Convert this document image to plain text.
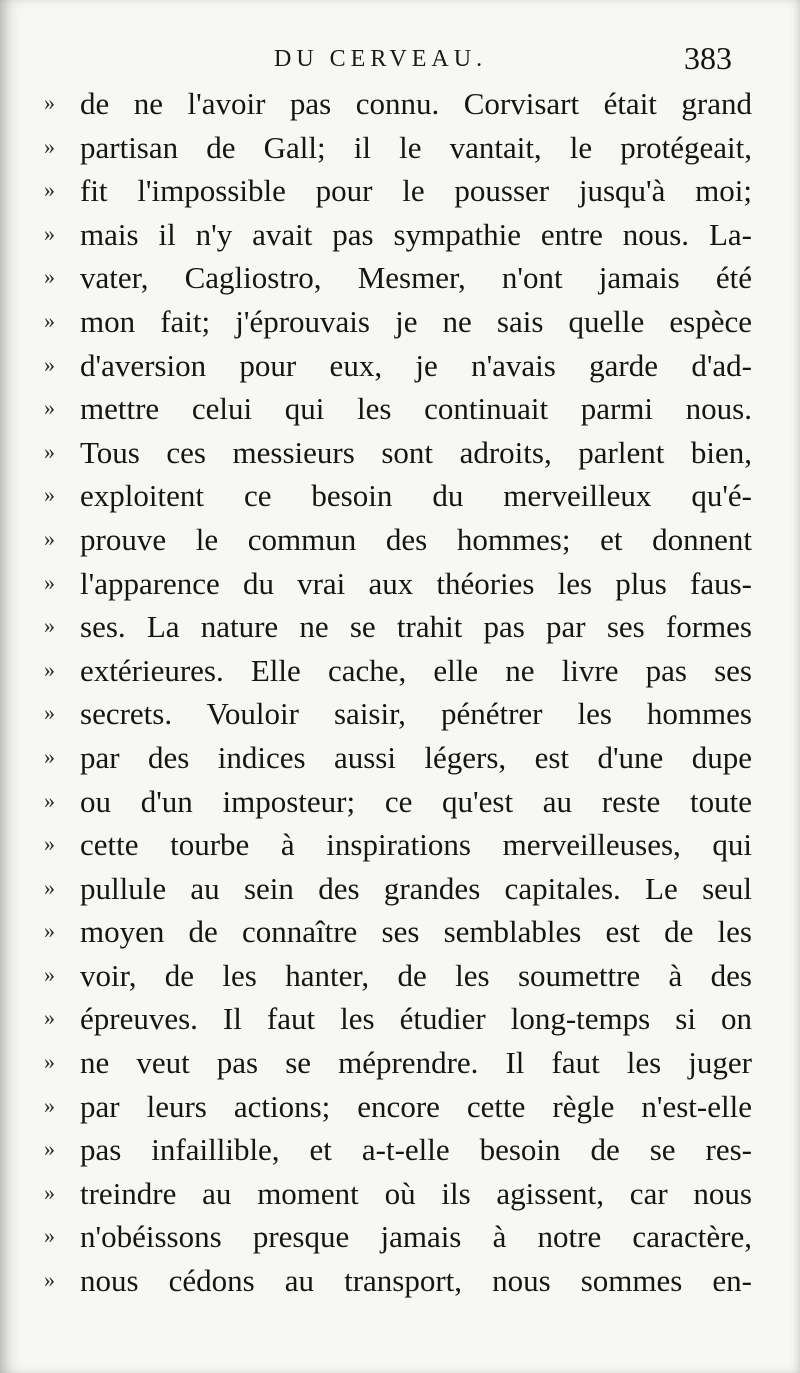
DU CERVEAU.	383
» de ne l'avoir pas connu. Corvisart était grand
» partisan de Gall; il le vantait, le protégeait,
» fit l'impossible pour le pousser jusqu'à moi;
» mais il n'y avait pas sympathie entre nous. La-
» vater, Cagliostro, Mesmer, n'ont jamais été
» mon fait; j'éprouvais je ne sais quelle espèce
» d'aversion pour eux, je n'avais garde d'ad-
» mettre celui qui les continuait parmi nous.
» Tous ces messieurs sont adroits, parlent bien,
» exploitent ce besoin du merveilleux qu'é-
» prouve le commun des hommes; et donnent
» l'apparence du vrai aux théories les plus faus-
» ses. La nature ne se trahit pas par ses formes
» extérieures. Elle cache, elle ne livre pas ses
» secrets. Vouloir saisir, pénétrer les hommes
» par des indices aussi légers, est d'une dupe
» ou d'un imposteur; ce qu'est au reste toute
» cette tourbe à inspirations merveilleuses, qui
» pullule au sein des grandes capitales. Le seul
» moyen de connaître ses semblables est de les
» voir, de les hanter, de les soumettre à des
» épreuves. Il faut les étudier long-temps si on
» ne veut pas se méprendre. Il faut les juger
» par leurs actions; encore cette règle n'est-elle
» pas infaillible, et a-t-elle besoin de se res-
» treindre au moment où ils agissent, car nous
» n'obéissons presque jamais à notre caractère,
» nous cédons au transport, nous sommes en-
